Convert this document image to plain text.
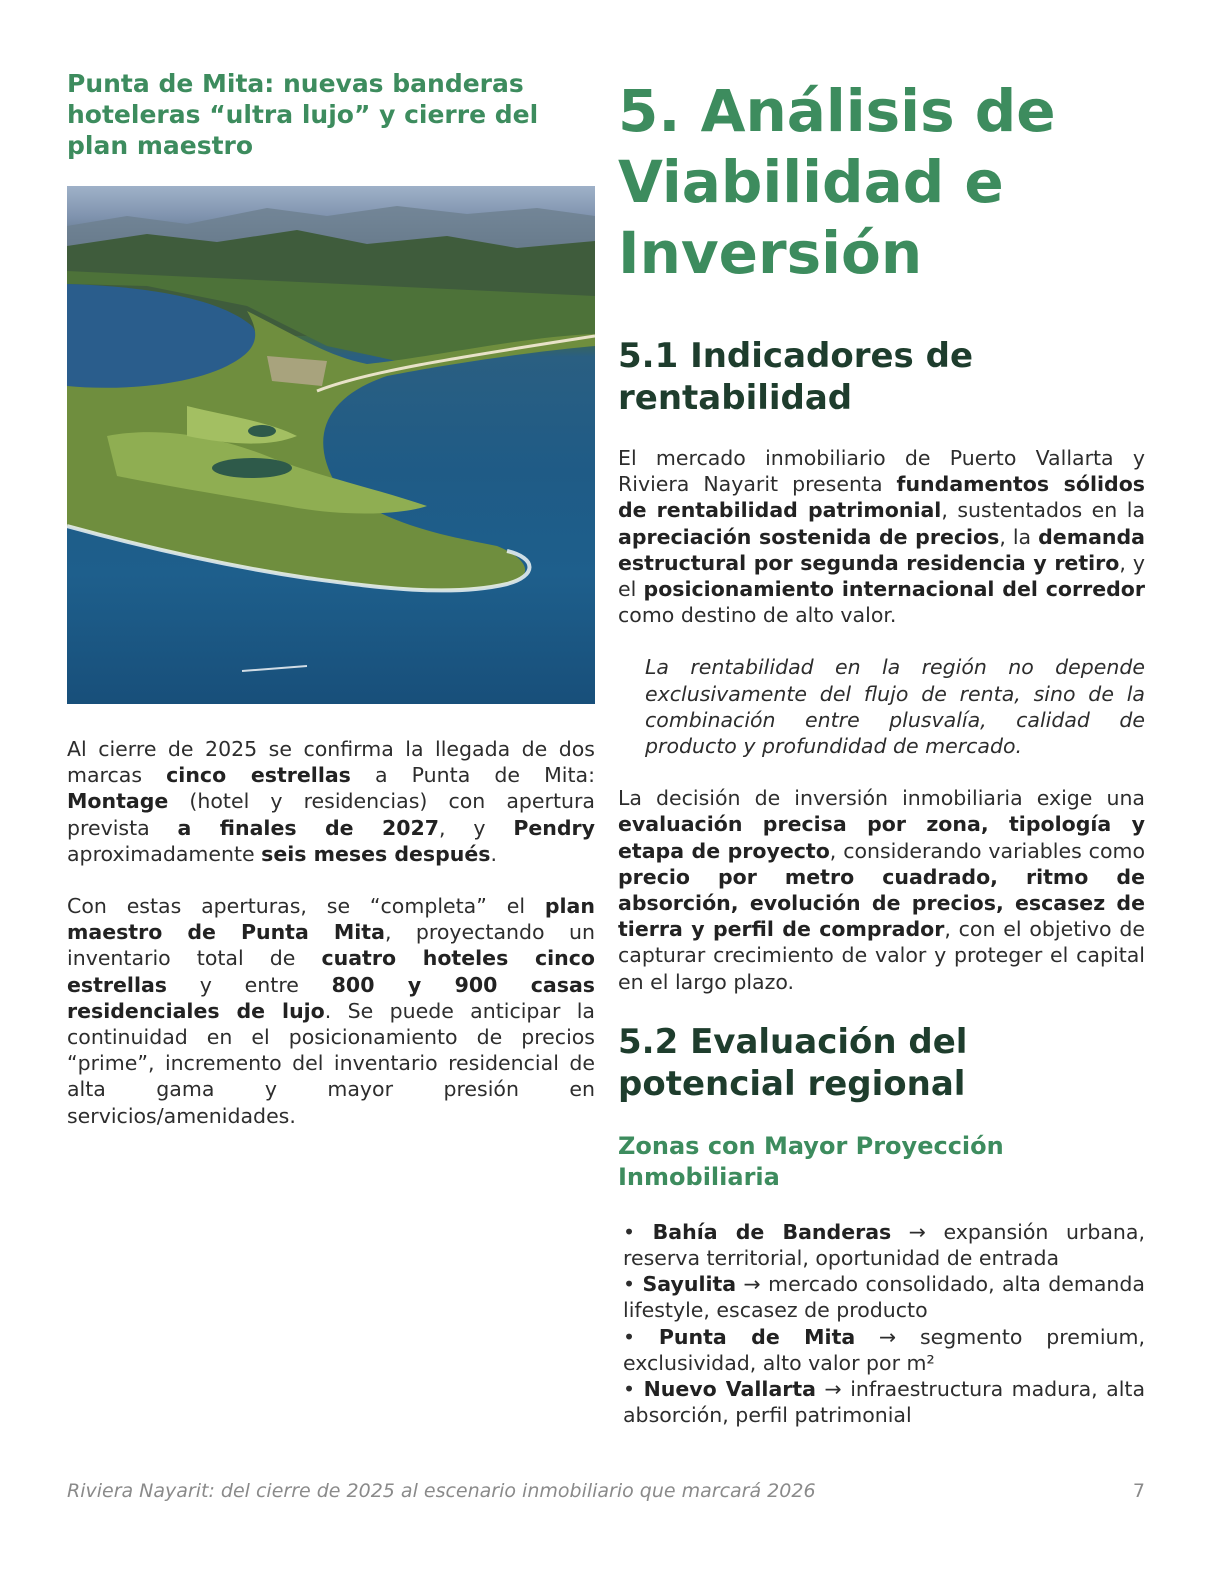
Punta de Mita: nuevas banderas hoteleras “ultra lujo” y cierre del plan maestro

Al cierre de 2025 se confirma la llegada de dos marcas cinco estrellas a Punta de Mita: Montage (hotel y residencias) con apertura prevista a finales de 2027, y Pendry aproximadamente seis meses después.

Con estas aperturas, se “completa” el plan maestro de Punta Mita, proyectando un inventario total de cuatro hoteles cinco estrellas y entre 800 y 900 casas residenciales de lujo. Se puede anticipar la continuidad en el posicionamiento de precios “prime”, incremento del inventario residencial de alta gama y mayor presión en servicios/amenidades.

5. Análisis de Viabilidad e Inversión
5.1 Indicadores de rentabilidad

El mercado inmobiliario de Puerto Vallarta y Riviera Nayarit presenta fundamentos sólidos de rentabilidad patrimonial, sustentados en la apreciación sostenida de precios, la demanda estructural por segunda residencia y retiro, y el posicionamiento internacional del corredor como destino de alto valor.

La rentabilidad en la región no depende exclusivamente del flujo de renta, sino de la combinación entre plusvalía, calidad de producto y profundidad de mercado.

La decisión de inversión inmobiliaria exige una evaluación precisa por zona, tipología y etapa de proyecto, considerando variables como precio por metro cuadrado, ritmo de absorción, evolución de precios, escasez de tierra y perfil de comprador, con el objetivo de capturar crecimiento de valor y proteger el capital en el largo plazo.

5.2 Evaluación del potencial regional
Zonas con Mayor Proyección Inmobiliaria
• Bahía de Banderas → expansión urbana, reserva territorial, oportunidad de entrada
• Sayulita → mercado consolidado, alta demanda lifestyle, escasez de producto
• Punta de Mita → segmento premium, exclusividad, alto valor por m²
• Nuevo Vallarta → infraestructura madura, alta absorción, perfil patrimonial
Riviera Nayarit: del cierre de 2025 al escenario inmobiliario que marcará 2026	7
